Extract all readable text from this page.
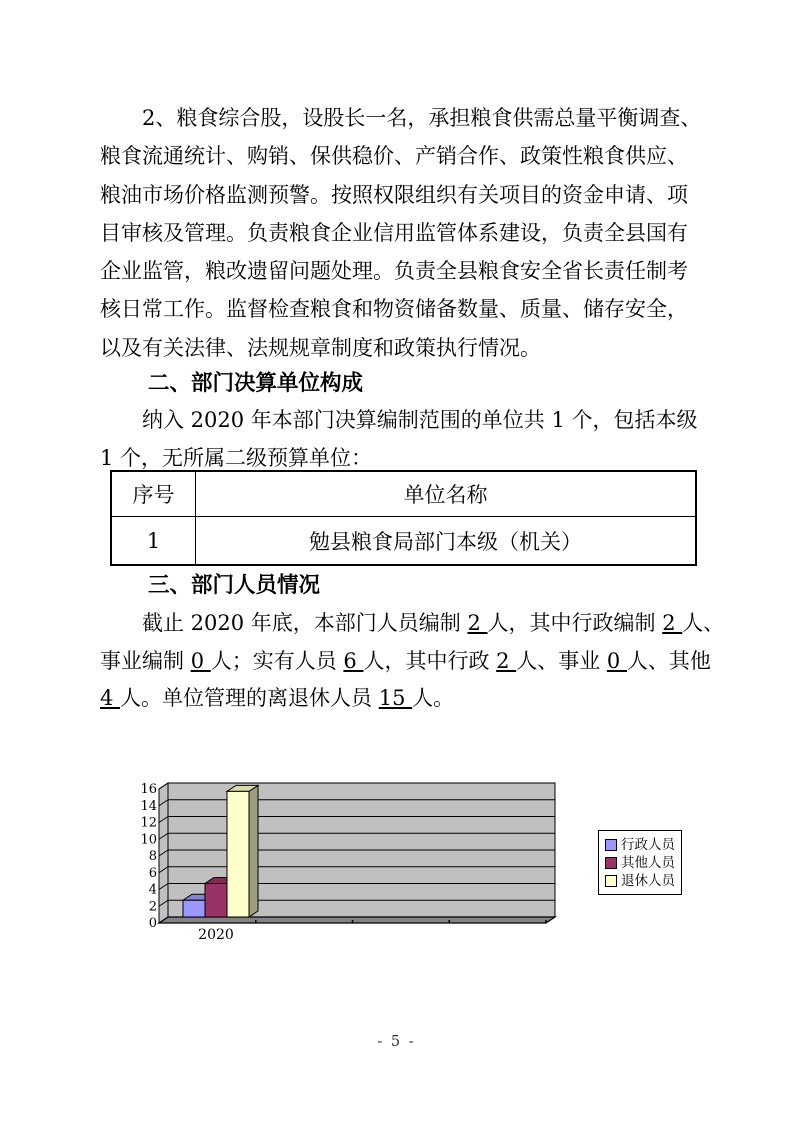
2、粮食综合股，设股长一名，承担粮食供需总量平衡调查、
粮食流通统计、购销、保供稳价、产销合作、政策性粮食供应、
粮油市场价格监测预警。按照权限组织有关项目的资金申请、项
目审核及管理。负责粮食企业信用监管体系建设，负责全县国有
企业监管，粮改遗留问题处理。负责全县粮食安全省长责任制考
核日常工作。监督检查粮食和物资储备数量、质量、储存安全，
以及有关法律、法规规章制度和政策执行情况。
二、部门决算单位构成
纳入 2020 年本部门决算编制范围的单位共 1 个，包括本级
1 个，无所属二级预算单位：
序号	单位名称
1	勉县粮食局部门本级（机关）
三、部门人员情况
截止 2020 年底，本部门人员编制 2 人，其中行政编制 2 人、
事业编制 0 人；实有人员 6 人，其中行政 2 人、事业 0 人、其他
4 人。单位管理的离退休人员 15 人。
0
2
4
6
8
10
12
14
16
2020
行政人员
其他人员
退休人员
- 5 -
